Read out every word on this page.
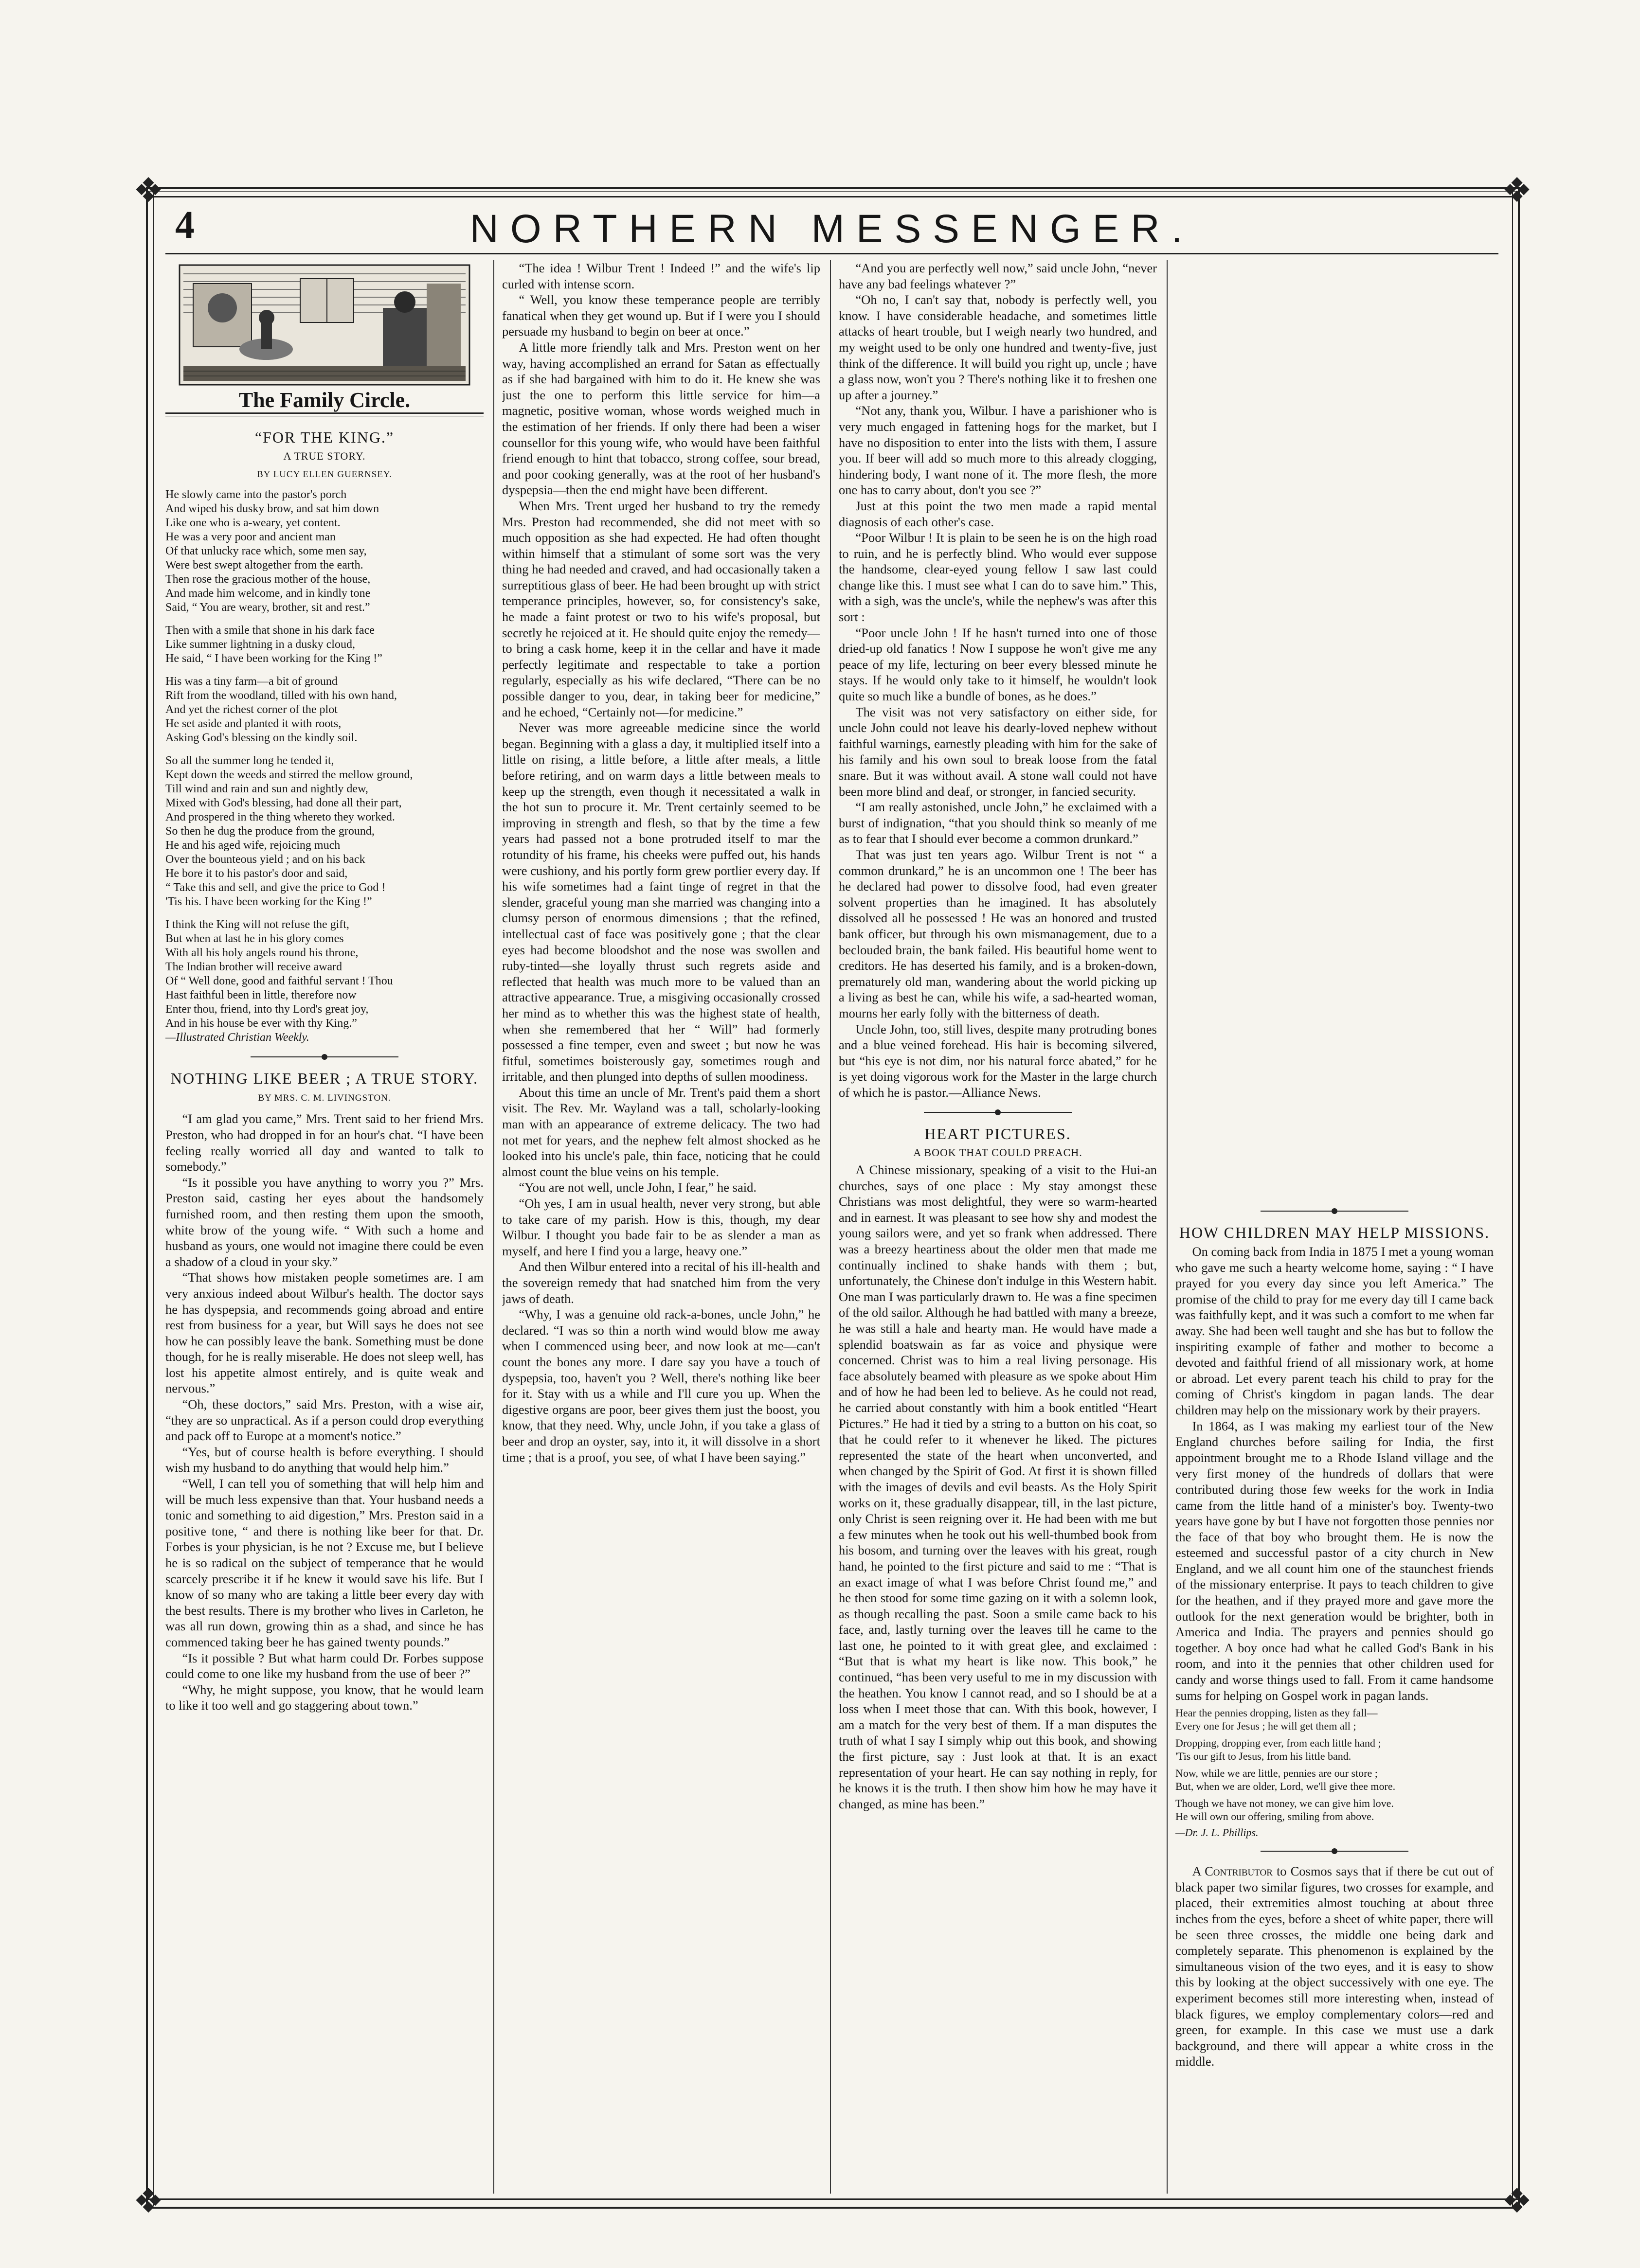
❖	❖
❖	❖
4	NORTHERN MESSENGER.
The Family Circle.
“FOR THE KING.”
A TRUE STORY.
BY LUCY ELLEN GUERNSEY.
He slowly came into the pastor's porch
And wiped his dusky brow, and sat him down
Like one who is a-weary, yet content.
He was a very poor and ancient man
Of that unlucky race which, some men say,
Were best swept altogether from the earth.
Then rose the gracious mother of the house,
And made him welcome, and in kindly tone
Said, “ You are weary, brother, sit and rest.”
Then with a smile that shone in his dark face
Like summer lightning in a dusky cloud,
He said, “ I have been working for the King !”
His was a tiny farm—a bit of ground
Rift from the woodland, tilled with his own hand,
And yet the richest corner of the plot
He set aside and planted it with roots,
Asking God's blessing on the kindly soil.
So all the summer long he tended it,
Kept down the weeds and stirred the mellow ground,
Till wind and rain and sun and nightly dew,
Mixed with God's blessing, had done all their part,
And prospered in the thing whereto they worked.
So then he dug the produce from the ground,
He and his aged wife, rejoicing much
Over the bounteous yield ; and on his back
He bore it to his pastor's door and said,
“ Take this and sell, and give the price to God !
'Tis his. I have been working for the King !”
I think the King will not refuse the gift,
But when at last he in his glory comes
With all his holy angels round his throne,
The Indian brother will receive award
Of “ Well done, good and faithful servant ! Thou
Hast faithful been in little, therefore now
Enter thou, friend, into thy Lord's great joy,
And in his house be ever with thy King.”
—Illustrated Christian Weekly.
NOTHING LIKE BEER ; A TRUE STORY.
BY MRS. C. M. LIVINGSTON.

“I am glad you came,” Mrs. Trent said to her friend Mrs. Preston, who had dropped in for an hour's chat. “I have been feeling really worried all day and wanted to talk to somebody.”

“Is it possible you have anything to worry you ?” Mrs. Preston said, casting her eyes about the handsomely furnished room, and then resting them upon the smooth, white brow of the young wife. “ With such a home and husband as yours, one would not imagine there could be even a shadow of a cloud in your sky.”

“That shows how mistaken people sometimes are. I am very anxious indeed about Wilbur's health. The doctor says he has dyspepsia, and recommends going abroad and entire rest from business for a year, but Will says he does not see how he can possibly leave the bank. Something must be done though, for he is really miserable. He does not sleep well, has lost his appetite almost entirely, and is quite weak and nervous.”

“Oh, these doctors,” said Mrs. Preston, with a wise air, “they are so unpractical. As if a person could drop everything and pack off to Europe at a moment's notice.”

“Yes, but of course health is before everything. I should wish my husband to do anything that would help him.”

“Well, I can tell you of something that will help him and will be much less expensive than that. Your husband needs a tonic and something to aid digestion,” Mrs. Preston said in a positive tone, “ and there is nothing like beer for that. Dr. Forbes is your physician, is he not ? Excuse me, but I believe he is so radical on the subject of temperance that he would scarcely prescribe it if he knew it would save his life. But I know of so many who are taking a little beer every day with the best results. There is my brother who lives in Carleton, he was all run down, growing thin as a shad, and since he has commenced taking beer he has gained twenty pounds.”

“Is it possible ? But what harm could Dr. Forbes suppose could come to one like my husband from the use of beer ?”

“Why, he might suppose, you know, that he would learn to like it too well and go staggering about town.”

“The idea ! Wilbur Trent ! Indeed !” and the wife's lip curled with intense scorn.

“ Well, you know these temperance people are terribly fanatical when they get wound up. But if I were you I should persuade my husband to begin on beer at once.”

A little more friendly talk and Mrs. Preston went on her way, having accomplished an errand for Satan as effectually as if she had bargained with him to do it. He knew she was just the one to perform this little service for him—a magnetic, positive woman, whose words weighed much in the estimation of her friends. If only there had been a wiser counsellor for this young wife, who would have been faithful friend enough to hint that tobacco, strong coffee, sour bread, and poor cooking generally, was at the root of her husband's dyspepsia—then the end might have been different.

When Mrs. Trent urged her husband to try the remedy Mrs. Preston had recommended, she did not meet with so much opposition as she had expected. He had often thought within himself that a stimulant of some sort was the very thing he had needed and craved, and had occasionally taken a surreptitious glass of beer. He had been brought up with strict temperance principles, however, so, for consistency's sake, he made a faint protest or two to his wife's proposal, but secretly he rejoiced at it. He should quite enjoy the remedy—to bring a cask home, keep it in the cellar and have it made perfectly legitimate and respectable to take a portion regularly, especially as his wife declared, “There can be no possible danger to you, dear, in taking beer for medicine,” and he echoed, “Certainly not—for medicine.”

Never was more agreeable medicine since the world began. Beginning with a glass a day, it multiplied itself into a little on rising, a little before, a little after meals, a little before retiring, and on warm days a little between meals to keep up the strength, even though it necessitated a walk in the hot sun to procure it. Mr. Trent certainly seemed to be improving in strength and flesh, so that by the time a few years had passed not a bone protruded itself to mar the rotundity of his frame, his cheeks were puffed out, his hands were cushiony, and his portly form grew portlier every day. If his wife sometimes had a faint tinge of regret in that the slender, graceful young man she married was changing into a clumsy person of enormous dimensions ; that the refined, intellectual cast of face was positively gone ; that the clear eyes had become bloodshot and the nose was swollen and ruby-tinted—she loyally thrust such regrets aside and reflected that health was much more to be valued than an attractive appearance. True, a misgiving occasionally crossed her mind as to whether this was the highest state of health, when she remembered that her “ Will” had formerly possessed a fine temper, even and sweet ; but now he was fitful, sometimes boisterously gay, sometimes rough and irritable, and then plunged into depths of sullen moodiness.

About this time an uncle of Mr. Trent's paid them a short visit. The Rev. Mr. Wayland was a tall, scholarly-looking man with an appearance of extreme delicacy. The two had not met for years, and the nephew felt almost shocked as he looked into his uncle's pale, thin face, noticing that he could almost count the blue veins on his temple.

“You are not well, uncle John, I fear,” he said.

“Oh yes, I am in usual health, never very strong, but able to take care of my parish. How is this, though, my dear Wilbur. I thought you bade fair to be as slender a man as myself, and here I find you a large, heavy one.”

And then Wilbur entered into a recital of his ill-health and the sovereign remedy that had snatched him from the very jaws of death.

“Why, I was a genuine old rack-a-bones, uncle John,” he declared. “I was so thin a north wind would blow me away when I commenced using beer, and now look at me—can't count the bones any more. I dare say you have a touch of dyspepsia, too, haven't you ? Well, there's nothing like beer for it. Stay with us a while and I'll cure you up. When the digestive organs are poor, beer gives them just the boost, you know, that they need. Why, uncle John, if you take a glass of beer and drop an oyster, say, into it, it will dissolve in a short time ; that is a proof, you see, of what I have been saying.”

“And you are perfectly well now,” said uncle John, “never have any bad feelings whatever ?”

“Oh no, I can't say that, nobody is perfectly well, you know. I have considerable headache, and sometimes little attacks of heart trouble, but I weigh nearly two hundred, and my weight used to be only one hundred and twenty-five, just think of the difference. It will build you right up, uncle ; have a glass now, won't you ? There's nothing like it to freshen one up after a journey.”

“Not any, thank you, Wilbur. I have a parishioner who is very much engaged in fattening hogs for the market, but I have no disposition to enter into the lists with them, I assure you. If beer will add so much more to this already clogging, hindering body, I want none of it. The more flesh, the more one has to carry about, don't you see ?”

Just at this point the two men made a rapid mental diagnosis of each other's case.

“Poor Wilbur ! It is plain to be seen he is on the high road to ruin, and he is perfectly blind. Who would ever suppose the handsome, clear-eyed young fellow I saw last could change like this. I must see what I can do to save him.” This, with a sigh, was the uncle's, while the nephew's was after this sort :

“Poor uncle John ! If he hasn't turned into one of those dried-up old fanatics ! Now I suppose he won't give me any peace of my life, lecturing on beer every blessed minute he stays. If he would only take to it himself, he wouldn't look quite so much like a bundle of bones, as he does.”

The visit was not very satisfactory on either side, for uncle John could not leave his dearly-loved nephew without faithful warnings, earnestly pleading with him for the sake of his family and his own soul to break loose from the fatal snare. But it was without avail. A stone wall could not have been more blind and deaf, or stronger, in fancied security.

“I am really astonished, uncle John,” he exclaimed with a burst of indignation, “that you should think so meanly of me as to fear that I should ever become a common drunkard.”

That was just ten years ago. Wilbur Trent is not “ a common drunkard,” he is an uncommon one ! The beer has he declared had power to dissolve food, had even greater solvent properties than he imagined. It has absolutely dissolved all he possessed ! He was an honored and trusted bank officer, but through his own mismanagement, due to a beclouded brain, the bank failed. His beautiful home went to creditors. He has deserted his family, and is a broken-down, prematurely old man, wandering about the world picking up a living as best he can, while his wife, a sad-hearted woman, mourns her early folly with the bitterness of death.

Uncle John, too, still lives, despite many protruding bones and a blue veined forehead. His hair is becoming silvered, but “his eye is not dim, nor his natural force abated,” for he is yet doing vigorous work for the Master in the large church of which he is pastor.—Alliance News.

HEART PICTURES.
A BOOK THAT COULD PREACH.

A Chinese missionary, speaking of a visit to the Hui-an churches, says of one place : My stay amongst these Christians was most delightful, they were so warm-hearted and in earnest. It was pleasant to see how shy and modest the young sailors were, and yet so frank when addressed. There was a breezy heartiness about the older men that made me continually inclined to shake hands with them ; but, unfortunately, the Chinese don't indulge in this Western habit. One man I was particularly drawn to. He was a fine specimen of the old sailor. Although he had battled with many a breeze, he was still a hale and hearty man. He would have made a splendid boatswain as far as voice and physique were concerned. Christ was to him a real living personage. His face absolutely beamed with pleasure as we spoke about Him and of how he had been led to believe. As he could not read, he carried about constantly with him a book entitled “Heart Pictures.” He had it tied by a string to a button on his coat, so that he could refer to it whenever he liked. The pictures represented the state of the heart when unconverted, and when changed by the Spirit of God. At first it is shown filled with the images of devils and evil beasts. As the Holy Spirit works on it, these gradually disappear, till, in the last picture, only Christ is seen reigning over it. He had been with me but a few minutes when he took out his well-thumbed book from his bosom, and turning over the leaves with his great, rough hand, he pointed to the first picture and said to me : “That is an exact image of what I was before Christ found me,” and he then stood for some time gazing on it with a solemn look, as though recalling the past. Soon a smile came back to his face, and, lastly turning over the leaves till he came to the last one, he pointed to it with great glee, and exclaimed : “But that is what my heart is like now. This book,” he continued, “has been very useful to me in my discussion with the heathen. You know I cannot read, and so I should be at a loss when I meet those that can. With this book, however, I am a match for the very best of them. If a man disputes the truth of what I say I simply whip out this book, and showing the first picture, say : Just look at that. It is an exact representation of your heart. He can say nothing in reply, for he knows it is the truth. I then show him how he may have it changed, as mine has been.”

HOW CHILDREN MAY HELP MISSIONS.

On coming back from India in 1875 I met a young woman who gave me such a hearty welcome home, saying : “ I have prayed for you every day since you left America.” The promise of the child to pray for me every day till I came back was faithfully kept, and it was such a comfort to me when far away. She had been well taught and she has but to follow the inspiriting example of father and mother to become a devoted and faithful friend of all missionary work, at home or abroad. Let every parent teach his child to pray for the coming of Christ's kingdom in pagan lands. The dear children may help on the missionary work by their prayers.

In 1864, as I was making my earliest tour of the New England churches before sailing for India, the first appointment brought me to a Rhode Island village and the very first money of the hundreds of dollars that were contributed during those few weeks for the work in India came from the little hand of a minister's boy. Twenty-two years have gone by but I have not forgotten those pennies nor the face of that boy who brought them. He is now the esteemed and successful pastor of a city church in New England, and we all count him one of the staunchest friends of the missionary enterprise. It pays to teach children to give for the heathen, and if they prayed more and gave more the outlook for the next generation would be brighter, both in America and India. The prayers and pennies should go together. A boy once had what he called God's Bank in his room, and into it the pennies that other children used for candy and worse things used to fall. From it came handsome sums for helping on Gospel work in pagan lands.

Hear the pennies dropping, listen as they fall—
Every one for Jesus ; he will get them all ;
Dropping, dropping ever, from each little hand ;
'Tis our gift to Jesus, from his little band.
Now, while we are little, pennies are our store ;
But, when we are older, Lord, we'll give thee more.
Though we have not money, we can give him love.
He will own our offering, smiling from above.
—Dr. J. L. Phillips.

A Contributor to Cosmos says that if there be cut out of black paper two similar figures, two crosses for example, and placed, their extremities almost touching at about three inches from the eyes, before a sheet of white paper, there will be seen three crosses, the middle one being dark and completely separate. This phenomenon is explained by the simultaneous vision of the two eyes, and it is easy to show this by looking at the object successively with one eye. The experiment becomes still more interesting when, instead of black figures, we employ complementary colors—red and green, for example. In this case we must use a dark background, and there will appear a white cross in the middle.
